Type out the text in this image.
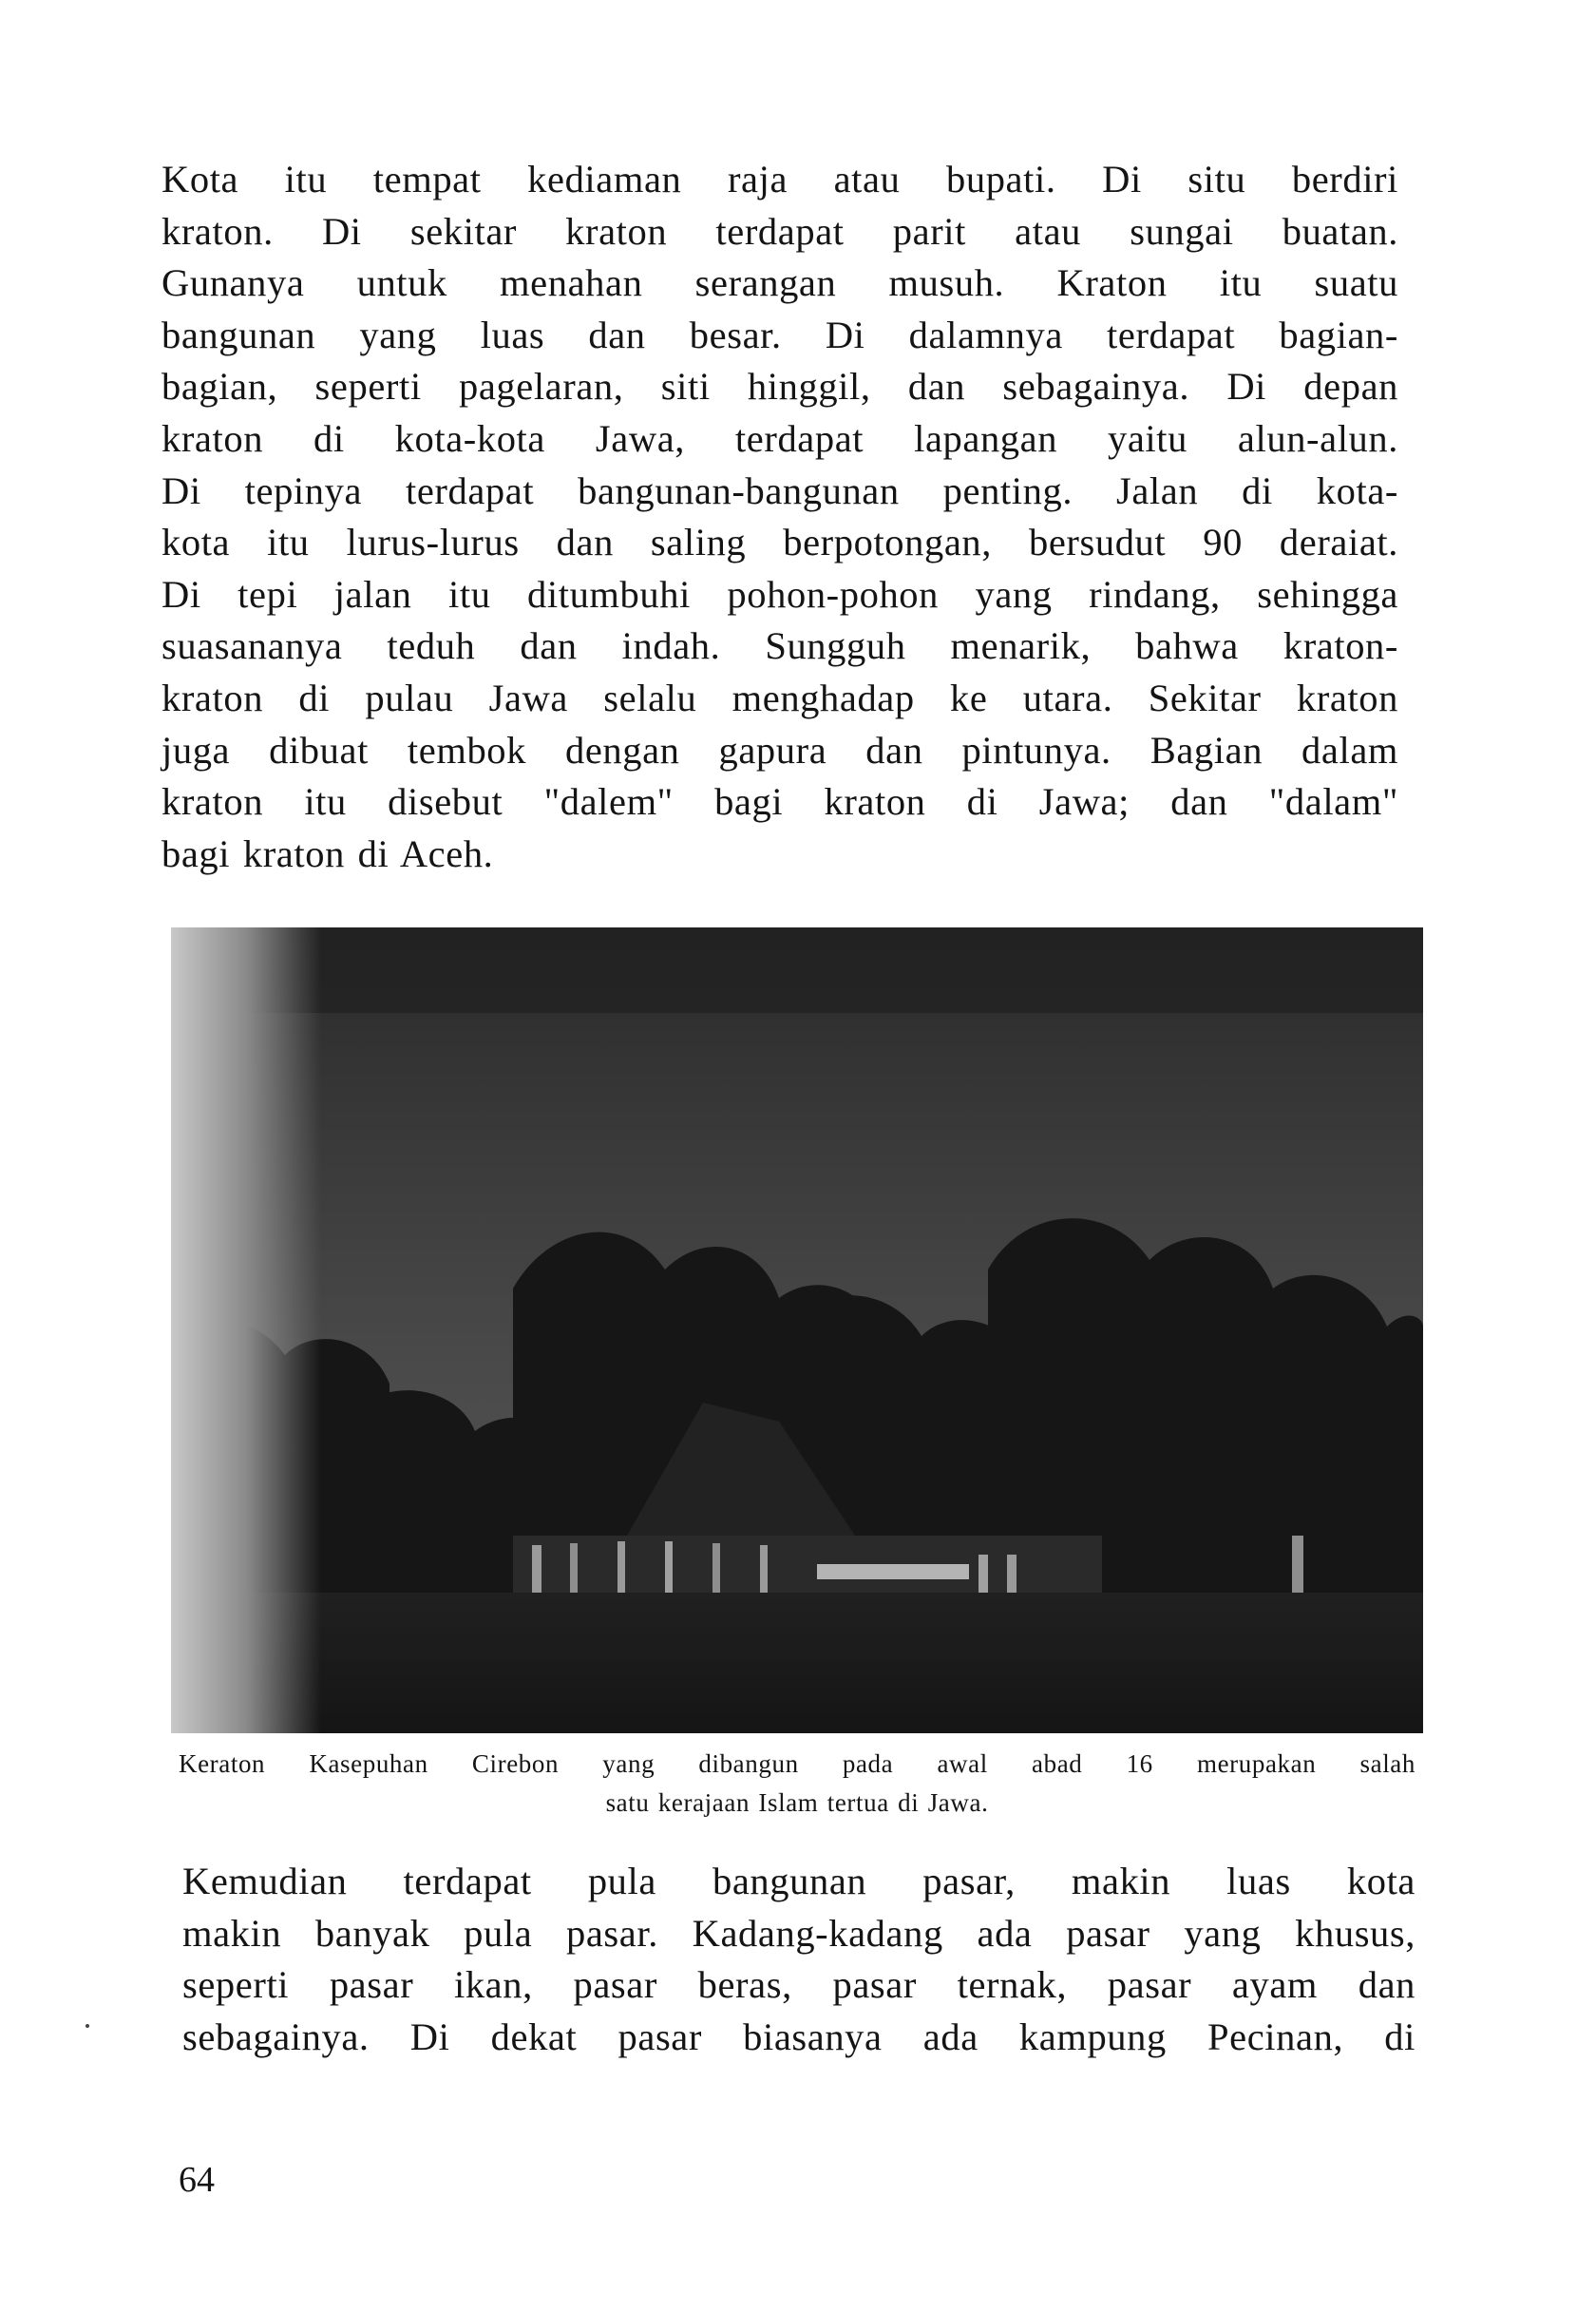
Kota itu tempat kediaman raja atau bupati. Di situ berdiri
kraton. Di sekitar kraton terdapat parit atau sungai buatan.
Gunanya untuk menahan serangan musuh. Kraton itu suatu
bangunan yang luas dan besar. Di dalamnya terdapat bagian-
bagian, seperti pagelaran, siti hinggil, dan sebagainya. Di depan
kraton di kota-kota Jawa, terdapat lapangan yaitu alun-alun.
Di tepinya terdapat bangunan-bangunan penting. Jalan di kota-
kota itu lurus-lurus dan saling berpotongan, bersudut 90 deraiat.
Di tepi jalan itu ditumbuhi pohon-pohon yang rindang, sehingga
suasananya teduh dan indah. Sungguh menarik, bahwa kraton-
kraton di pulau Jawa selalu menghadap ke utara. Sekitar kraton
juga dibuat tembok dengan gapura dan pintunya. Bagian dalam
kraton itu disebut "dalem" bagi kraton di Jawa; dan "dalam"
bagi kraton di Aceh.
Keraton Kasepuhan Cirebon yang dibangun pada awal abad 16 merupakan salah
satu kerajaan Islam tertua di Jawa.
Kemudian terdapat pula bangunan pasar, makin luas kota
makin banyak pula pasar. Kadang-kadang ada pasar yang khusus,
seperti pasar ikan, pasar beras, pasar ternak, pasar ayam dan
sebagainya. Di dekat pasar biasanya ada kampung Pecinan, di
64
